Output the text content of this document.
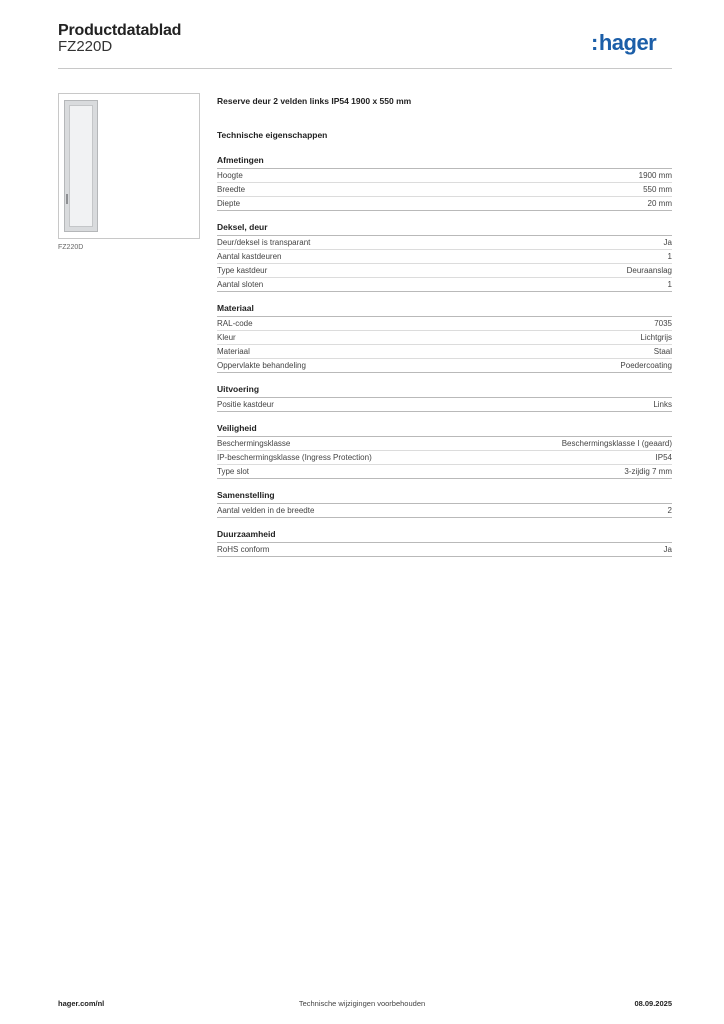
Productdatablad
FZ220D	:hager
FZ220D
Reserve deur 2 velden links IP54 1900 x 550 mm
Technische eigenschappen
Afmetingen
Hoogte	1900 mm
Breedte	550 mm
Diepte	20 mm
Deksel, deur
Deur/deksel is transparant	Ja
Aantal kastdeuren	1
Type kastdeur	Deuraanslag
Aantal sloten	1
Materiaal
RAL-code	7035
Kleur	Lichtgrijs
Materiaal	Staal
Oppervlakte behandeling	Poedercoating
Uitvoering
Positie kastdeur	Links
Veiligheid
Beschermingsklasse	Beschermingsklasse I (geaard)
IP-beschermingsklasse (Ingress Protection)	IP54
Type slot	3-zijdig 7 mm
Samenstelling
Aantal velden in de breedte	2
Duurzaamheid
RoHS conform	Ja
hager.com/nl	Technische wijzigingen voorbehouden	08.09.2025
